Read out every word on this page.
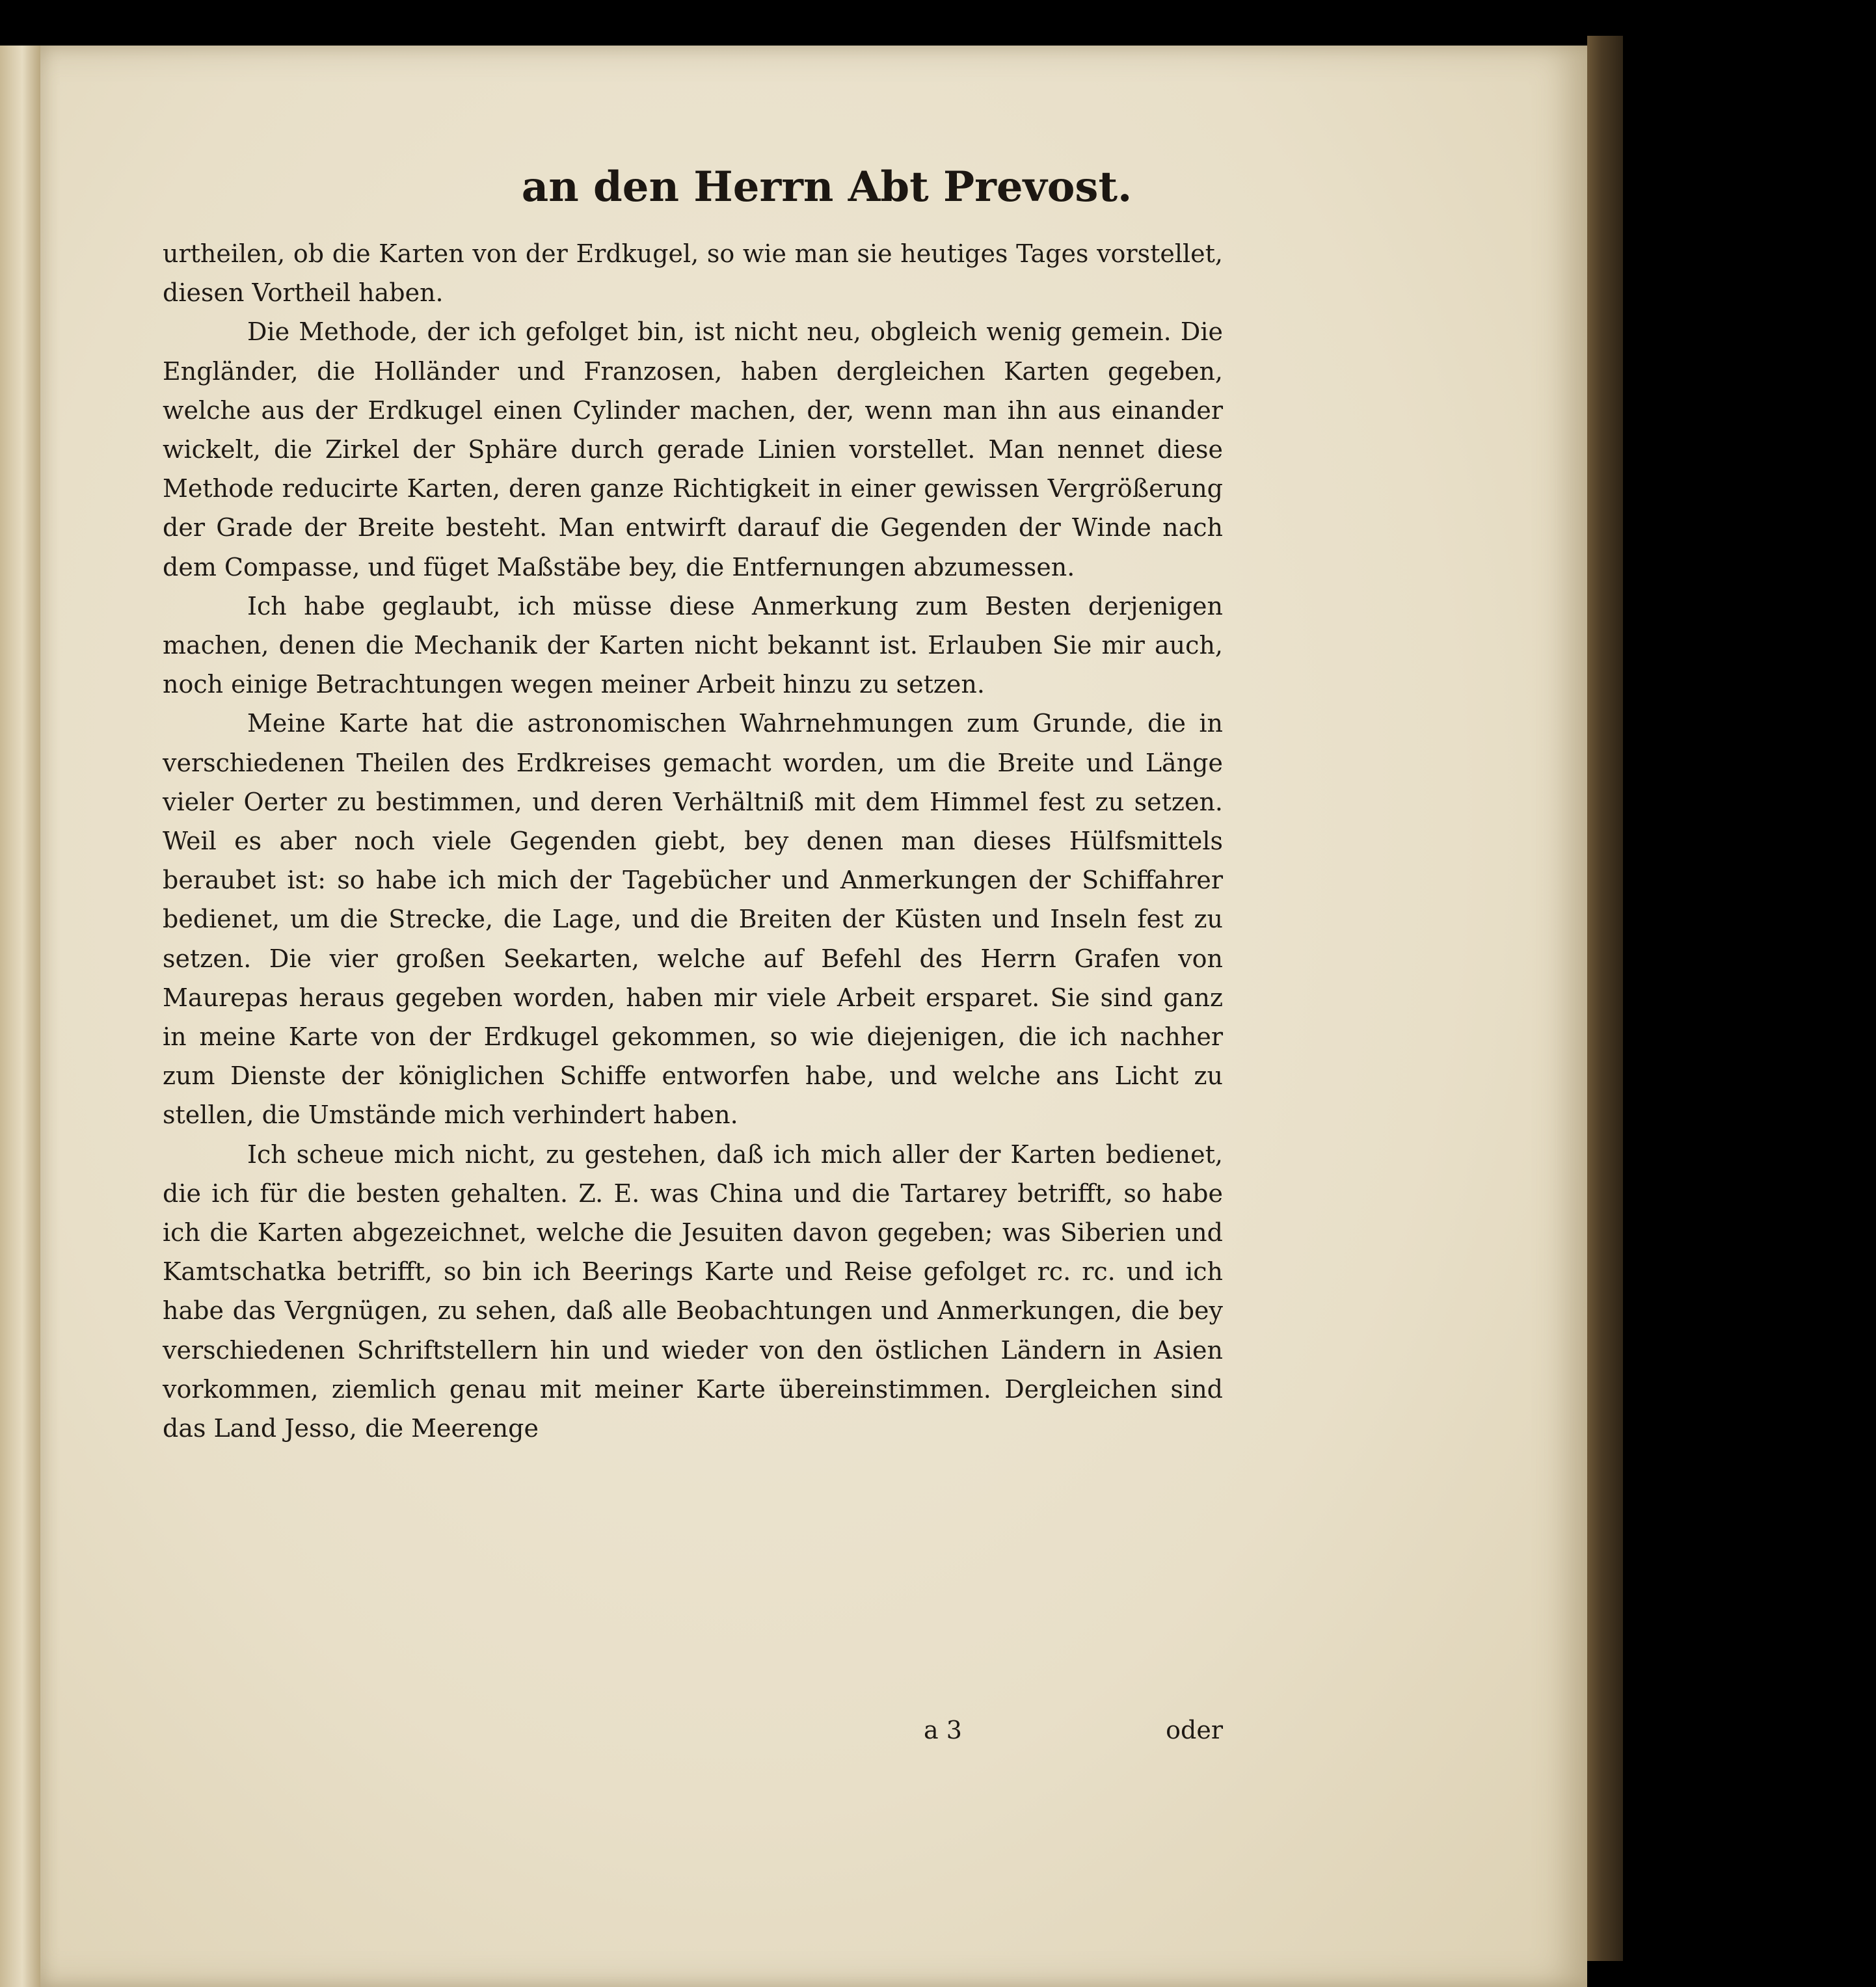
an den Herrn Abt Prevost.

urtheilen, ob die Karten von der Erdkugel, so wie man sie heutiges Tages vorstellet, diesen Vortheil haben.

Die Methode, der ich gefolget bin, ist nicht neu, obgleich wenig gemein. Die Engländer, die Holländer und Franzosen, haben dergleichen Karten gegeben, welche aus der Erdkugel einen Cylinder machen, der, wenn man ihn aus einander wickelt, die Zirkel der Sphäre durch gerade Linien vorstellet. Man nennet diese Methode reducirte Karten, deren ganze Richtigkeit in einer gewissen Vergrößerung der Grade der Breite besteht. Man entwirft darauf die Gegenden der Winde nach dem Compasse, und füget Maßstäbe bey, die Entfernungen abzumessen.

Ich habe geglaubt, ich müsse diese Anmerkung zum Besten derjenigen machen, denen die Mechanik der Karten nicht bekannt ist. Erlauben Sie mir auch, noch einige Betrachtungen wegen meiner Arbeit hinzu zu setzen.

Meine Karte hat die astronomischen Wahrnehmungen zum Grunde, die in verschiedenen Theilen des Erdkreises gemacht worden, um die Breite und Länge vieler Oerter zu bestimmen, und deren Verhältniß mit dem Himmel fest zu setzen. Weil es aber noch viele Gegenden giebt, bey denen man dieses Hülfsmittels beraubet ist: so habe ich mich der Tagebücher und Anmerkungen der Schiffahrer bedienet, um die Strecke, die Lage, und die Breiten der Küsten und Inseln fest zu setzen. Die vier großen Seekarten, welche auf Befehl des Herrn Grafen von Maurepas heraus gegeben worden, haben mir viele Arbeit ersparet. Sie sind ganz in meine Karte von der Erdkugel gekommen, so wie diejenigen, die ich nachher zum Dienste der königlichen Schiffe entworfen habe, und welche ans Licht zu stellen, die Umstände mich verhindert haben.

Ich scheue mich nicht, zu gestehen, daß ich mich aller der Karten bedienet, die ich für die besten gehalten. Z. E. was China und die Tartarey betrifft, so habe ich die Karten abgezeichnet, welche die Jesuiten davon gegeben; was Siberien und Kamtschatka betrifft, so bin ich Beerings Karte und Reise gefolget rc. rc. und ich habe das Vergnügen, zu sehen, daß alle Beobachtungen und Anmerkungen, die bey verschiedenen Schriftstellern hin und wieder von den östlichen Ländern in Asien vorkommen, ziemlich genau mit meiner Karte übereinstimmen. Dergleichen sind das Land Jesso, die Meerenge

a 3	oder
